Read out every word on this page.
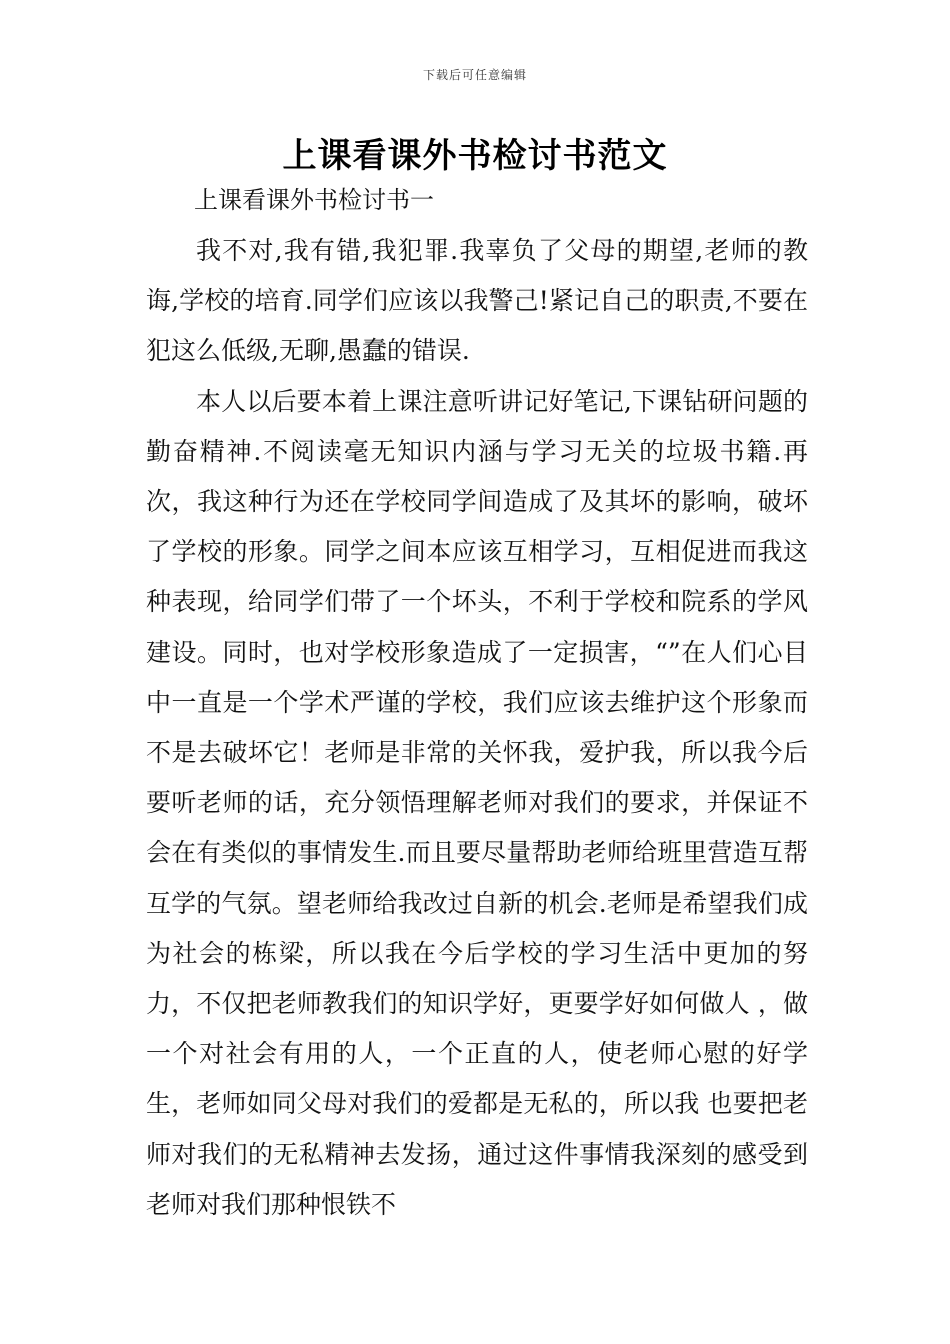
下载后可任意编辑
上课看课外书检讨书范文
上课看课外书检讨书一

我不对,我有错,我犯罪.我辜负了父母的期望,老师的教诲,学校的培育.同学们应该以我警己!紧记自己的职责,不要在犯这么低级,无聊,愚蠢的错误.

本人以后要本着上课注意听讲记好笔记,下课钻研问题的勤奋精神.不阅读毫无知识内涵与学习无关的垃圾书籍.再次，我这种行为还在学校同学间造成了及其坏的影响，破坏了学校的形象。同学之间本应该互相学习，互相促进而我这种表现，给同学们带了一个坏头，不利于学校和院系的学风建设。同时，也对学校形象造成了一定损害，“”在人们心目中一直是一个学术严谨的学校，我们应该去维护这个形象而不是去破坏它！老师是非常的关怀我，爱护我，所以我今后要听老师的话，充分领悟理解老师对我们的要求，并保证不会在有类似的事情发生.而且要尽量帮助老师给班里营造互帮互学的气氛。望老师给我改过自新的机会.老师是希望我们成为社会的栋梁，所以我在今后学校的学习生活中更加的努力，不仅把老师教我们的知识学好，更要学好如何做人 ，做一个对社会有用的人，一个正直的人，使老师心慰的好学生，老师如同父母对我们的爱都是无私的，所以我 也要把老师对我们的无私精神去发扬，通过这件事情我深刻的感受到老师对我们那种恨铁不
